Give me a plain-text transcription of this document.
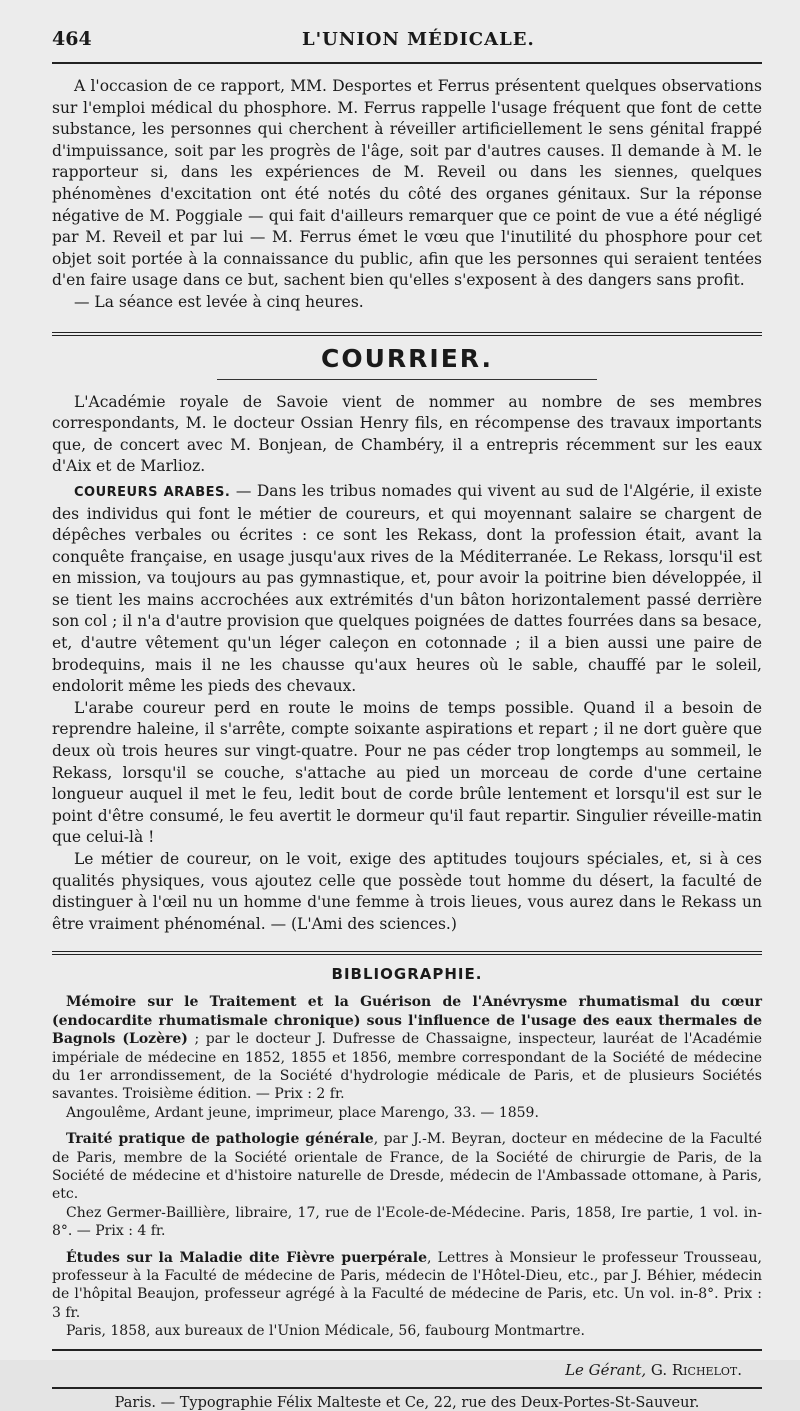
464	L'UNION MÉDICALE.

A l'occasion de ce rapport, MM. Desportes et Ferrus présentent quelques observations sur l'emploi médical du phosphore. M. Ferrus rappelle l'usage fréquent que font de cette substance, les personnes qui cherchent à réveiller artificiellement le sens génital frappé d'impuissance, soit par les progrès de l'âge, soit par d'autres causes. Il demande à M. le rapporteur si, dans les expériences de M. Reveil ou dans les siennes, quelques phénomènes d'excitation ont été notés du côté des organes génitaux. Sur la réponse négative de M. Poggiale — qui fait d'ailleurs remarquer que ce point de vue a été négligé par M. Reveil et par lui — M. Ferrus émet le vœu que l'inutilité du phosphore pour cet objet soit portée à la connaissance du public, afin que les personnes qui seraient tentées d'en faire usage dans ce but, sachent bien qu'elles s'exposent à des dangers sans profit.

— La séance est levée à cinq heures.

COURRIER.

L'Académie royale de Savoie vient de nommer au nombre de ses membres correspondants, M. le docteur Ossian Henry fils, en récompense des travaux importants que, de concert avec M. Bonjean, de Chambéry, il a entrepris récemment sur les eaux d'Aix et de Marlioz.

COUREURS ARABES. — Dans les tribus nomades qui vivent au sud de l'Algérie, il existe des individus qui font le métier de coureurs, et qui moyennant salaire se chargent de dépêches verbales ou écrites : ce sont les Rekass, dont la profession était, avant la conquête française, en usage jusqu'aux rives de la Méditerranée. Le Rekass, lorsqu'il est en mission, va toujours au pas gymnastique, et, pour avoir la poitrine bien développée, il se tient les mains accrochées aux extrémités d'un bâton horizontalement passé derrière son col ; il n'a d'autre provision que quelques poignées de dattes fourrées dans sa besace, et, d'autre vêtement qu'un léger caleçon en cotonnade ; il a bien aussi une paire de brodequins, mais il ne les chausse qu'aux heures où le sable, chauffé par le soleil, endolorit même les pieds des chevaux.

L'arabe coureur perd en route le moins de temps possible. Quand il a besoin de reprendre haleine, il s'arrête, compte soixante aspirations et repart ; il ne dort guère que deux où trois heures sur vingt-quatre. Pour ne pas céder trop longtemps au sommeil, le Rekass, lorsqu'il se couche, s'attache au pied un morceau de corde d'une certaine longueur auquel il met le feu, ledit bout de corde brûle lentement et lorsqu'il est sur le point d'être consumé, le feu avertit le dormeur qu'il faut repartir. Singulier réveille-matin que celui-là !

Le métier de coureur, on le voit, exige des aptitudes toujours spéciales, et, si à ces qualités physiques, vous ajoutez celle que possède tout homme du désert, la faculté de distinguer à l'œil nu un homme d'une femme à trois lieues, vous aurez dans le Rekass un être vraiment phénoménal. — (L'Ami des sciences.)

BIBLIOGRAPHIE.

Mémoire sur le Traitement et la Guérison de l'Anévrysme rhumatismal du cœur (endocardite rhumatismale chronique) sous l'influence de l'usage des eaux thermales de Bagnols (Lozère) ; par le docteur J. Dufresse de Chassaigne, inspecteur, lauréat de l'Académie impériale de médecine en 1852, 1855 et 1856, membre correspondant de la Société de médecine du 1er arrondissement, de la Société d'hydrologie médicale de Paris, et de plusieurs Sociétés savantes. Troisième édition. — Prix : 2 fr.

Angoulême, Ardant jeune, imprimeur, place Marengo, 33. — 1859.

Traité pratique de pathologie générale, par J.-M. Beyran, docteur en médecine de la Faculté de Paris, membre de la Société orientale de France, de la Société de chirurgie de Paris, de la Société de médecine et d'histoire naturelle de Dresde, médecin de l'Ambassade ottomane, à Paris, etc.

Chez Germer-Baillière, libraire, 17, rue de l'Ecole-de-Médecine. Paris, 1858, Ire partie, 1 vol. in-8°. — Prix : 4 fr.

Études sur la Maladie dite Fièvre puerpérale, Lettres à Monsieur le professeur Trousseau, professeur à la Faculté de médecine de Paris, médecin de l'Hôtel-Dieu, etc., par J. Béhier, médecin de l'hôpital Beaujon, professeur agrégé à la Faculté de médecine de Paris, etc. Un vol. in-8°. Prix : 3 fr.

Paris, 1858, aux bureaux de l'Union Médicale, 56, faubourg Montmartre.

Le Gérant, G. Richelot.
Paris. — Typographie Félix Malteste et Ce, 22, rue des Deux-Portes-St-Sauveur.
